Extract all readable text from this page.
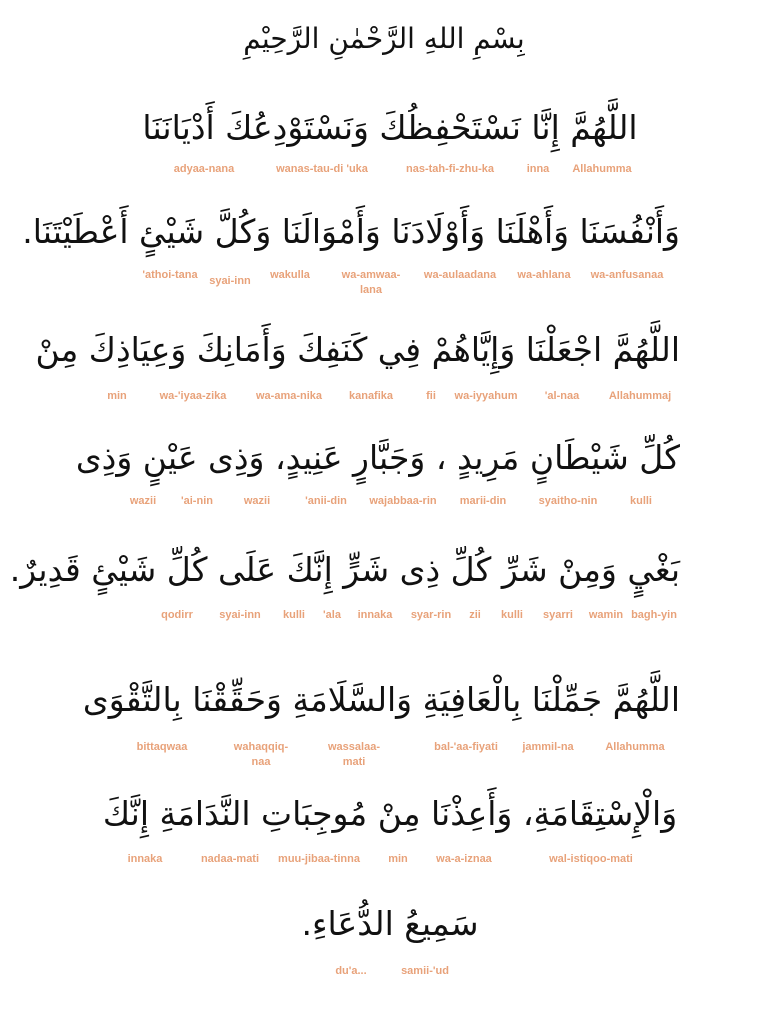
بِسْمِ اللهِ الرَّحْمٰنِ الرَّحِيْمِ
اللَّهُمَّ إِنَّا نَسْتَحْفِظُكَ وَنَسْتَوْدِعُكَ أَدْيَانَنَا
adyaa-nana	wanas-tau-di 'uka	nas-tah-fi-zhu-ka	inna	Allahumma
وَأَنْفُسَنَا وَأَهْلَنَا وَأَوْلَادَنَا وَأَمْوَالَنَا وَكُلَّ شَيْئٍ أَعْطَيْتَنَا.
'athoi-tana	syai-inn	wakulla	wa-amwaa-lana
wa-aulaadana	wa-ahlana	wa-anfusanaa
اللَّهُمَّ اجْعَلْنَا وَإِيَّاهُمْ فِي كَنَفِكَ وَأَمَانِكَ وَعِيَاذِكَ مِنْ
min	wa-'iyaa-zika	wa-ama-nika	kanafika	fii	wa-iyyahum	'al-naa	Allahummaj
كُلِّ شَيْطَانٍ مَرِيدٍ ، وَجَبَّارٍ عَنِيدٍ، وَذِى عَيْنٍ وَذِى
wazii	'ai-nin	wazii	'anii-din	wajabbaa-rin	marii-din	syaitho-nin	kulli
بَغْيٍ وَمِنْ شَرِّ كُلِّ ذِى شَرٍّ إِنَّكَ عَلَى كُلِّ شَيْئٍ قَدِيرٌ.
qodirr	syai-inn	kulli	'ala	innaka	syar-rin	zii	kulli	syarri	wamin bagh-yin
اللَّهُمَّ جَمِّلْنَا بِالْعَافِيَةِ وَالسَّلَامَةِ وَحَقِّقْنَا بِالتَّقْوَى
bittaqwaa	wahaqqiq-naa
wassalaa-mati
bal-'aa-fiyati	jammil-na	Allahumma
وَالْإِسْتِقَامَةِ، وَأَعِذْنَا مِنْ مُوجِبَاتِ النَّدَامَةِ إِنَّكَ
innaka	nadaa-mati	muu-jibaa-tinna	min	wa-a-iznaa	wal-istiqoo-mati
سَمِيعُ الدُّعَاءِ.
du'a...	samii-'ud
